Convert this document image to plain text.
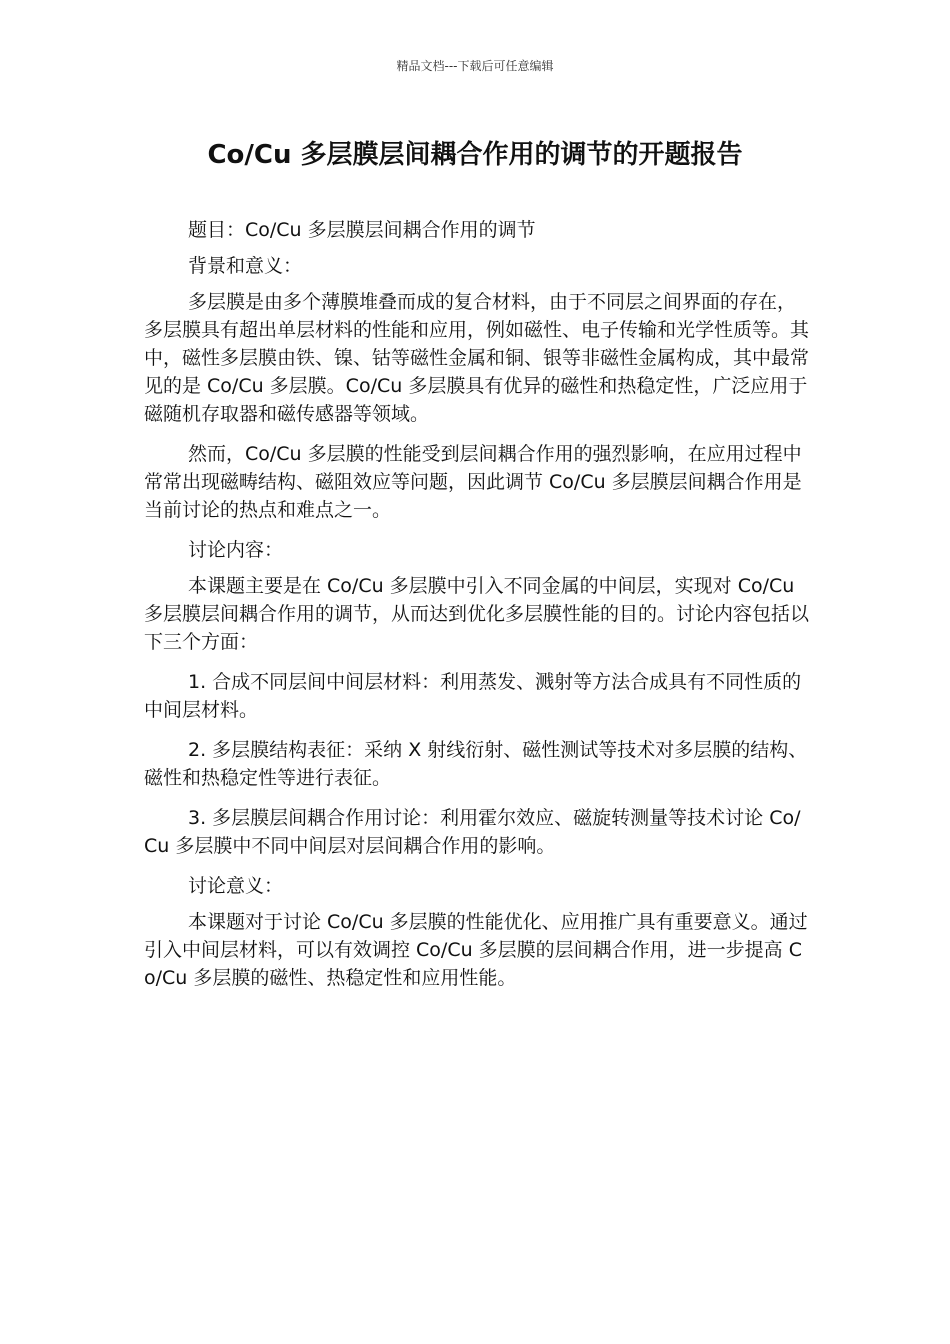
精品文档---下载后可任意编辑
Co/Cu 多层膜层间耦合作用的调节的开题报告

题目：Co/Cu 多层膜层间耦合作用的调节

背景和意义：

多层膜是由多个薄膜堆叠而成的复合材料，由于不同层之间界面的存在，多层膜具有超出单层材料的性能和应用，例如磁性、电子传输和光学性质等。其中，磁性多层膜由铁、镍、钴等磁性金属和铜、银等非磁性金属构成，其中最常见的是 Co/Cu 多层膜。Co/Cu 多层膜具有优异的磁性和热稳定性，广泛应用于磁随机存取器和磁传感器等领域。

然而，Co/Cu 多层膜的性能受到层间耦合作用的强烈影响，在应用过程中常常出现磁畴结构、磁阻效应等问题，因此调节 Co/Cu 多层膜层间耦合作用是当前讨论的热点和难点之一。

讨论内容：

本课题主要是在 Co/Cu 多层膜中引入不同金属的中间层，实现对 Co/Cu 多层膜层间耦合作用的调节，从而达到优化多层膜性能的目的。讨论内容包括以下三个方面：

1. 合成不同层间中间层材料：利用蒸发、溅射等方法合成具有不同性质的中间层材料。

2. 多层膜结构表征：采纳 X 射线衍射、磁性测试等技术对多层膜的结构、磁性和热稳定性等进行表征。

3. 多层膜层间耦合作用讨论：利用霍尔效应、磁旋转测量等技术讨论 Co/Cu 多层膜中不同中间层对层间耦合作用的影响。

讨论意义：

本课题对于讨论 Co/Cu 多层膜的性能优化、应用推广具有重要意义。通过引入中间层材料，可以有效调控 Co/Cu 多层膜的层间耦合作用，进一步提高 Co/Cu 多层膜的磁性、热稳定性和应用性能。
